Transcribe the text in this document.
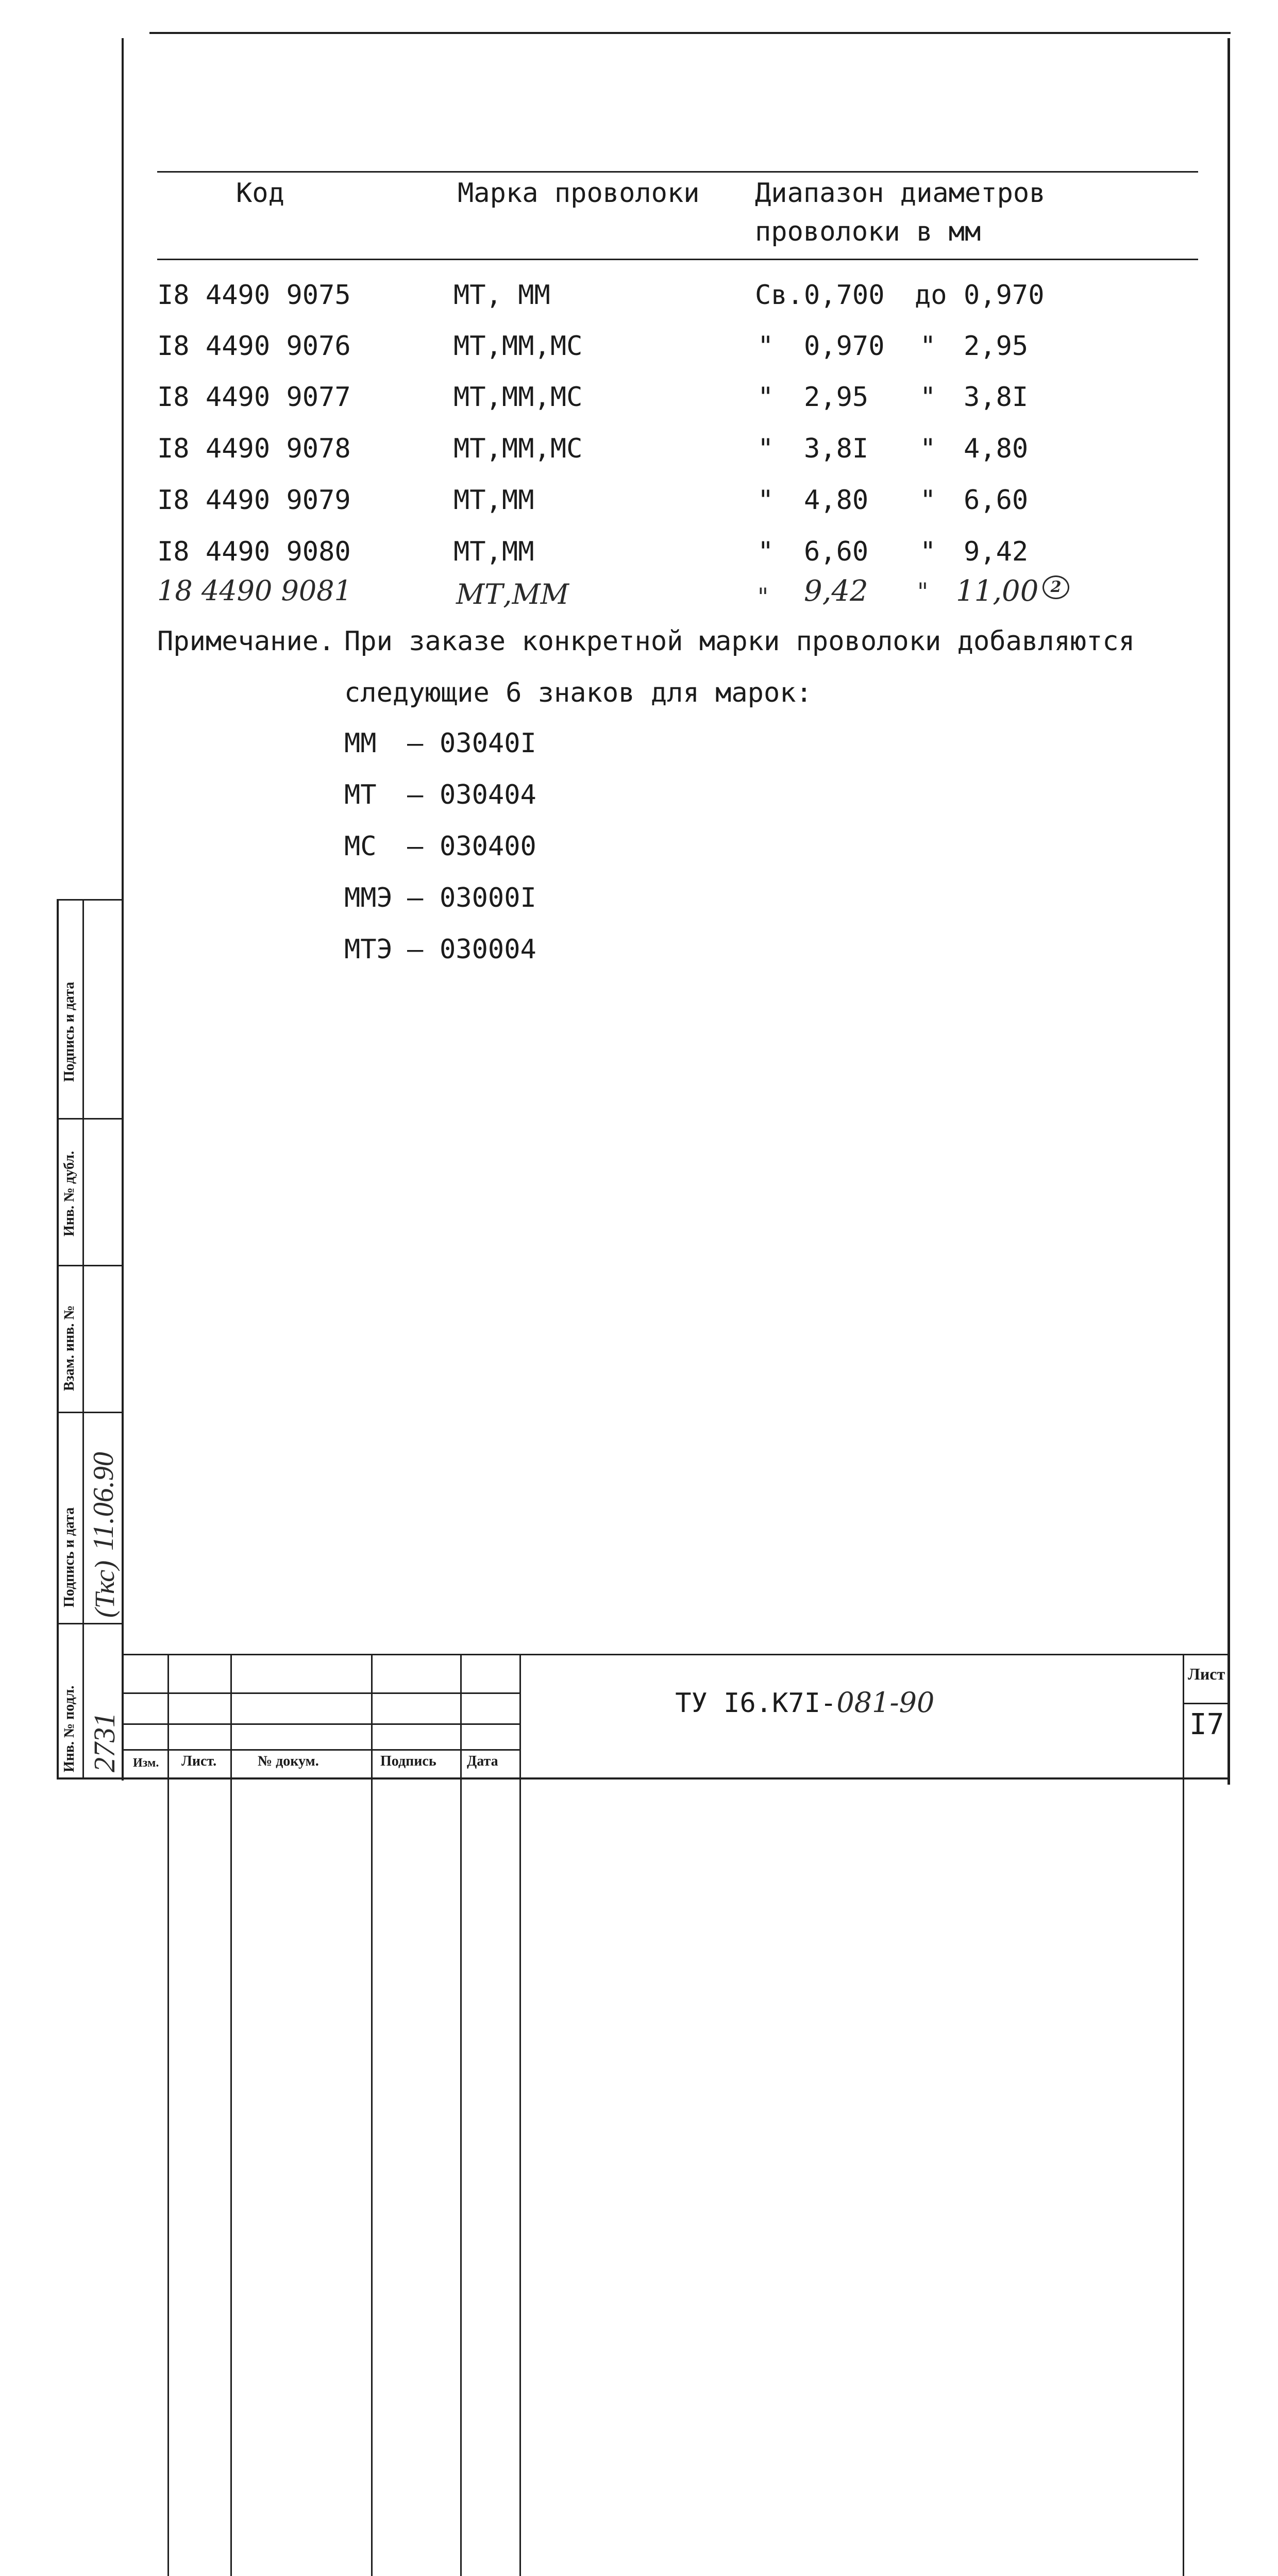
Код	Марка проволоки Диапазон диаметров
проволоки в мм
I8 4490 9075	МТ, ММ	Св. 0,700 до 0,970
I8 4490 9076	МТ,ММ,МС	" 0,970 " 2,95
I8 4490 9077	МТ,ММ,МС	" 2,95 " 3,8I
I8 4490 9078	МТ,ММ,МС	" 3,8I " 4,80
I8 4490 9079	МТ,ММ	" 4,80 " 6,60
I8 4490 9080	МТ,ММ	" 6,60 " 9,42
18 4490 9081	МТ,ММ	" 9,42 " 11,00 2
Примечание. При заказе конкретной марки проволоки добавляются
следующие 6 знаков для марок:
ММ – 03040I
МТ – 030404
МС – 030400
ММЭ – 03000I
МТЭ – 030004
Подпись и дата
Инв. № дубл.
Взам. инв. №
Подпись и дата
Инв. № подл.
11.06.90
(Ткс)
2731 Изм. Лист.	№ докум.	Подпись Дата

ТУ I6.К7I-081-90

Лист
I7
